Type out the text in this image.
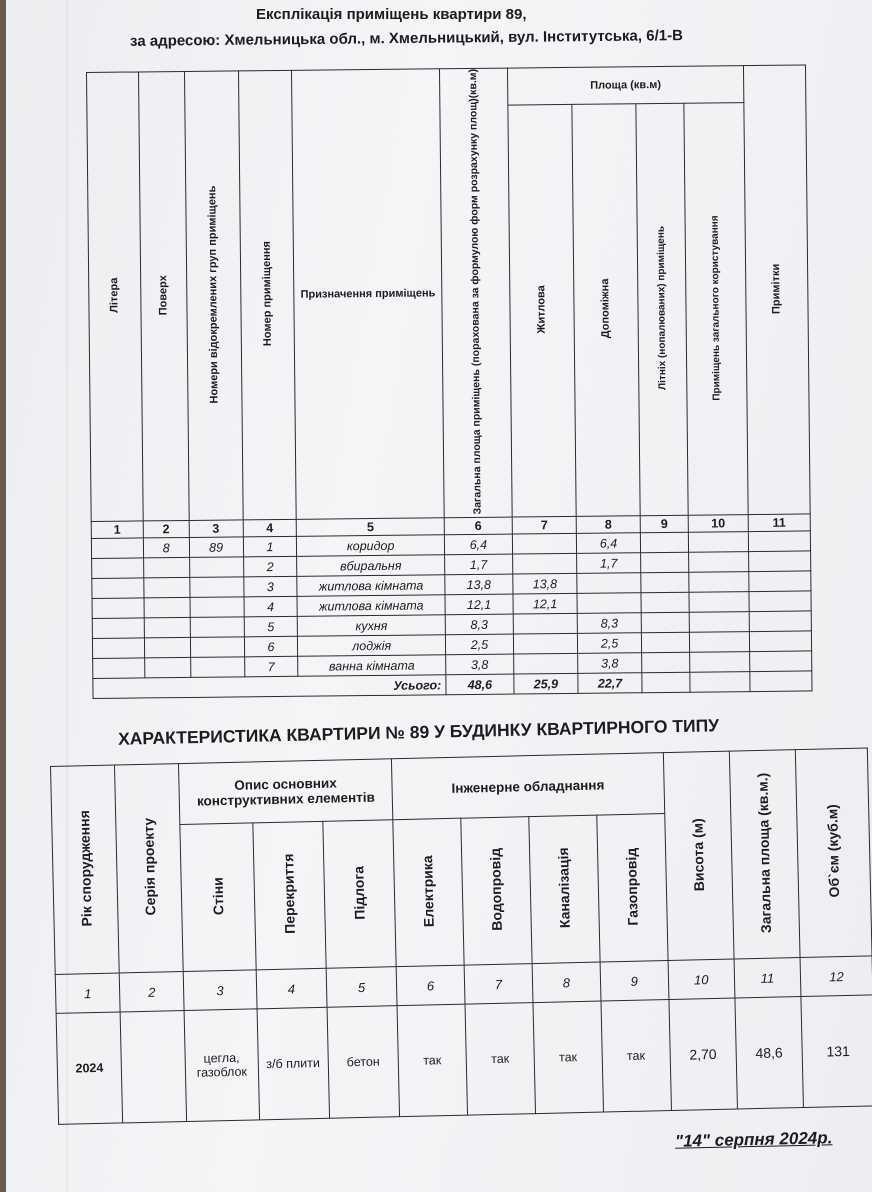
Експлікація приміщень квартири 89,
за адресою: Хмельницька обл., м. Хмельницький, вул. Інститутська, 6/1-В
Літера	Поверх	Номери відокремлених груп приміщень	Номер приміщення	Призначення приміщень	Загальна площа приміщень (порахована за формулою форм розрахунку площ)(кв.м)	Площа (кв.м)				Примітки
						Житлова	Допоміжна	Літніх (нопалюваних) приміщень	Приміщень загального користування	
1	2	3	4	5	6	7	8	9	10	11
	8	89	1	коридор	6,4		6,4			
			2	вбиральня	1,7		1,7			
			3	житлова кімната	13,8	13,8				
			4	житлова кімната	12,1	12,1				
			5	кухня	8,3		8,3			
			6	лоджія	2,5		2,5			
			7	ванна кімната	3,8		3,8			
Усього:					48,6	25,9	22,7			
ХАРАКТЕРИСТИКА КВАРТИРИ № 89 У БУДИНКУ КВАРТИРНОГО ТИПУ
Рік спорудження	Серія проекту	Опис основних конструктивних елементів			Інженерне обладнання				Висота (м)	Загальна площа (кв.м.)	Об`єм (куб.м)
		Стіни	Перекриття	Підлога	Електрика	Водопровід	Каналізація	Газопровід			
1	2	3	4	5	6	7	8	9	10	11	12
2024		цегла, газоблок	з/б плити	бетон	так	так	так	так	2,70	48,6	131
"14" серпня 2024р.
